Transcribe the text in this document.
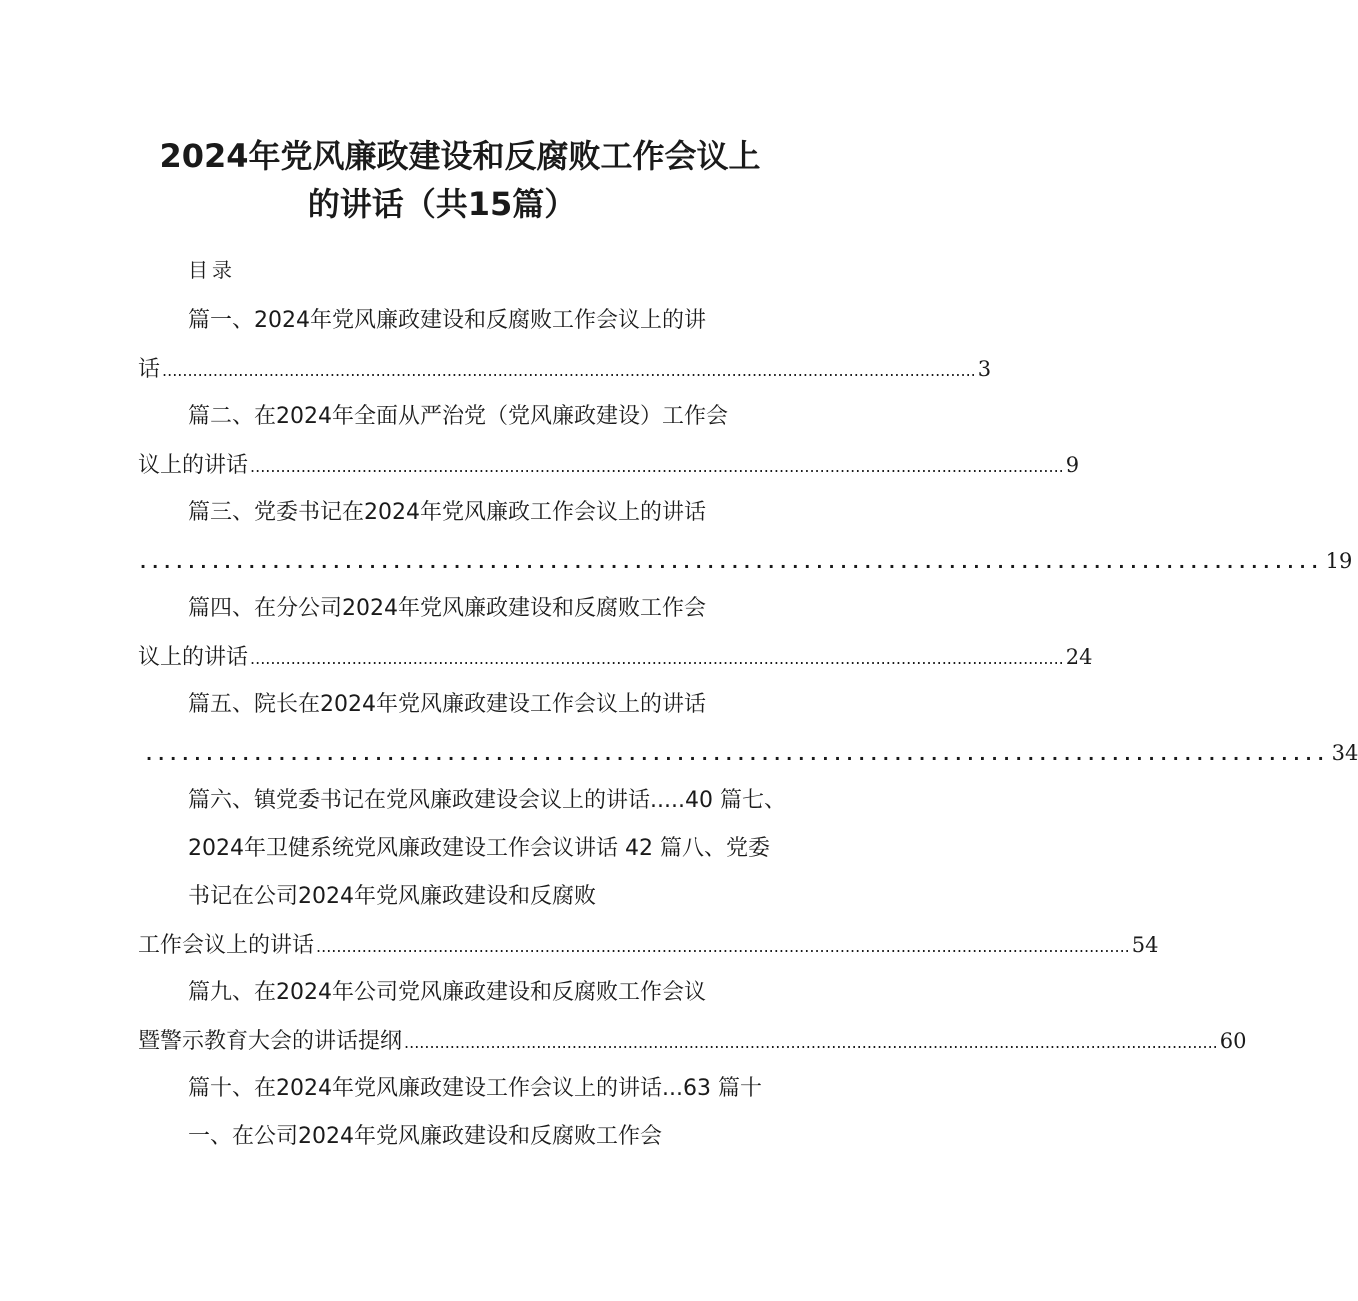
2024年党风廉政建设和反腐败工作会议上
的讲话（共15篇）
目录
篇一、2024年党风廉政建设和反腐败工作会议上的讲
话 ................................................................................................................................................................ 3
篇二、在2024年全面从严治党（党风廉政建设）工作会
议上的讲话 ................................................................................................................................................................ 9
篇三、党委书记在2024年党风廉政工作会议上的讲话
.................................................................................................. 19
篇四、在分公司2024年党风廉政建设和反腐败工作会
议上的讲话 ................................................................................................................................................................ 24
篇五、院长在2024年党风廉政建设工作会议上的讲话
.................................................................................................. 34
篇六、镇党委书记在党风廉政建设会议上的讲话.....40 篇七、
2024年卫健系统党风廉政建设工作会议讲话 42 篇八、党委
书记在公司2024年党风廉政建设和反腐败
工作会议上的讲话 ................................................................................................................................................................ 54
篇九、在2024年公司党风廉政建设和反腐败工作会议
暨警示教育大会的讲话提纲 ................................................................................................................................................................ 60
篇十、在2024年党风廉政建设工作会议上的讲话...63 篇十
一、在公司2024年党风廉政建设和反腐败工作会
